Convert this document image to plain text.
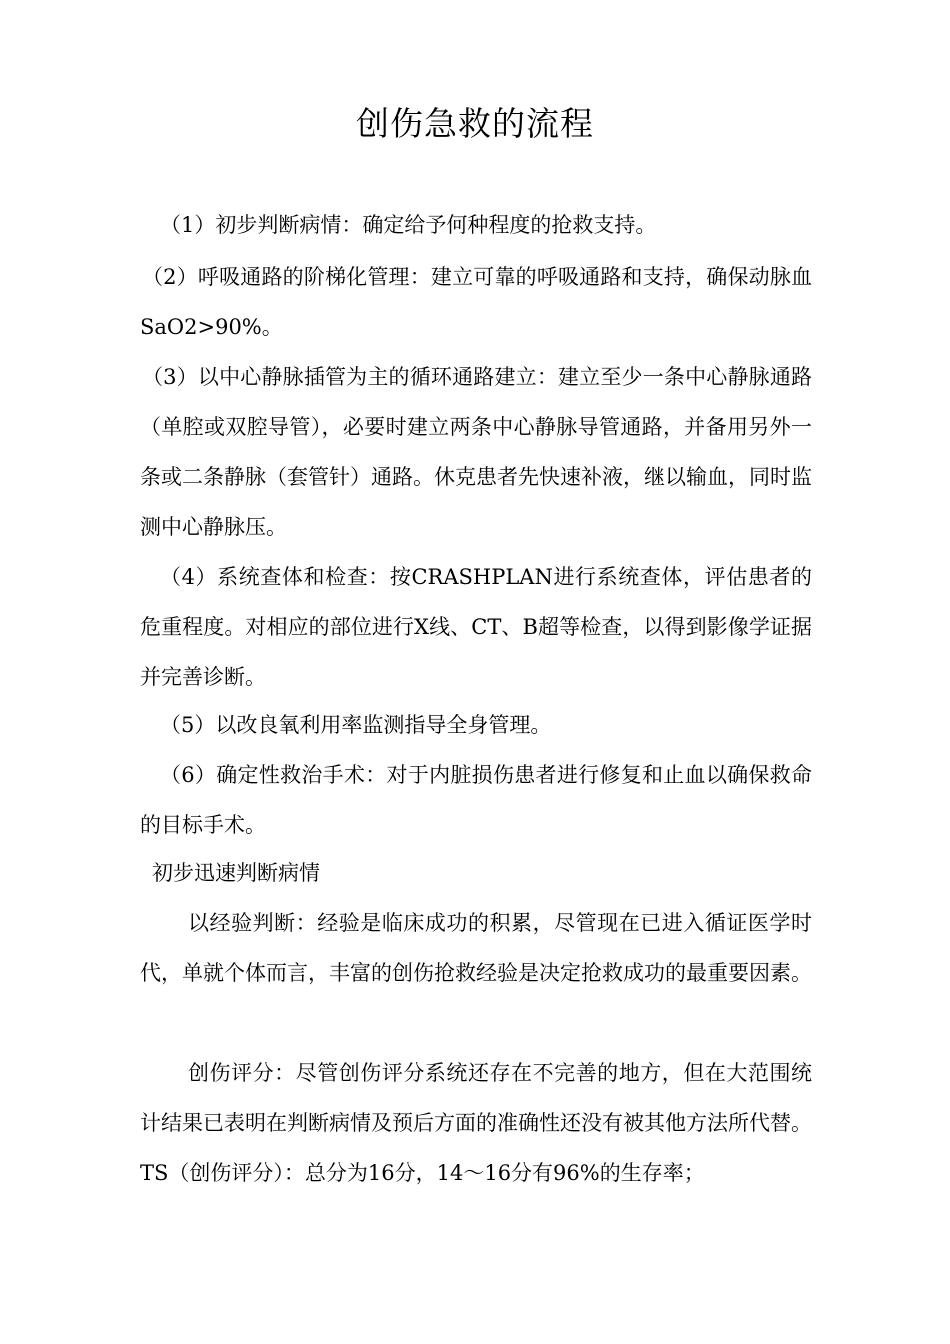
创伤急救的流程

（1）初步判断病情：确定给予何种程度的抢救支持。

（2）呼吸通路的阶梯化管理：建立可靠的呼吸通路和支持，确保动脉血SaO2>90%。

（3）以中心静脉插管为主的循环通路建立：建立至少一条中心静脉通路（单腔或双腔导管），必要时建立两条中心静脉导管通路，并备用另外一条或二条静脉（套管针）通路。休克患者先快速补液，继以输血，同时监测中心静脉压。

（4）系统查体和检查：按CRASHPLAN进行系统查体，评估患者的危重程度。对相应的部位进行X线、CT、B超等检查，以得到影像学证据并完善诊断。

（5）以改良氧利用率监测指导全身管理。

（6）确定性救治手术：对于内脏损伤患者进行修复和止血以确保救命的目标手术。

初步迅速判断病情

以经验判断：经验是临床成功的积累，尽管现在已进入循证医学时代，单就个体而言，丰富的创伤抢救经验是决定抢救成功的最重要因素。

创伤评分：尽管创伤评分系统还存在不完善的地方，但在大范围统计结果已表明在判断病情及预后方面的准确性还没有被其他方法所代替。TS（创伤评分）：总分为16分，14～16分有96%的生存率；
